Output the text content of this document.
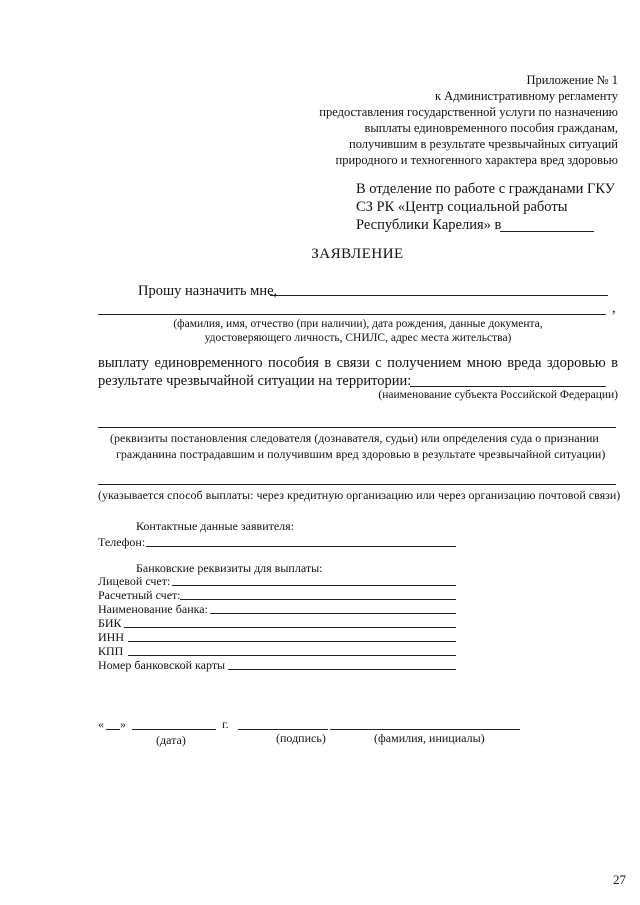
Приложение № 1
к Административному регламенту
предоставления государственной услуги по назначению
выплаты единовременного пособия гражданам,
получившим в результате чрезвычайных ситуаций
природного и техногенного характера вред здоровью
В отделение по работе с гражданами ГКУ
СЗ РК «Центр социальной работы
Республики Карелия» в
ЗАЯВЛЕНИЕ
Прошу назначить мне,
,
(фамилия, имя, отчество (при наличии), дата рождения, данные документа,
удостоверяющего личность, СНИЛС, адрес места жительства)
выплату единовременного пособия в связи с получением мною вреда здоровью в
результате чрезвычайной ситуации на территории:
(наименование субъекта Российской Федерации)
(реквизиты постановления следователя (дознавателя, судьи) или определения суда о признании
гражданина пострадавшим и получившим вред здоровью в результате чрезвычайной ситуации)
(указывается способ выплаты: через кредитную организацию или через организацию почтовой связи)
Контактные данные заявителя:
Телефон:
Банковские реквизиты для выплаты:
Лицевой счет:
Расчетный счет:
Наименование банка:
БИК
ИНН
КПП
Номер банковской карты
« »	г.
(дата)	(подпись)	(фамилия, инициалы)
27
